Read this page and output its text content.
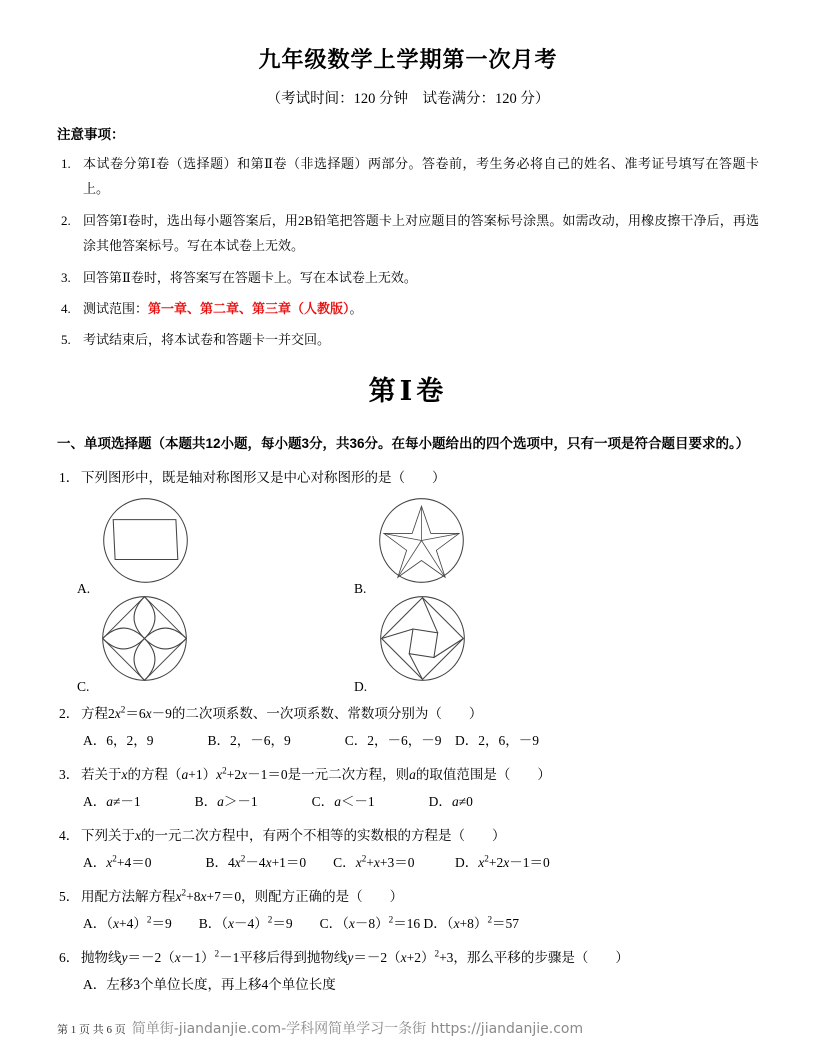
九年级数学上学期第一次月考

（考试时间：120 分钟　试卷满分：120 分）

注意事项：

1. 本试卷分第Ⅰ卷（选择题）和第Ⅱ卷（非选择题）两部分。答卷前，考生务必将自己的姓名、准考证号填写在答题卡上。
2. 回答第Ⅰ卷时，选出每小题答案后，用2B铅笔把答题卡上对应题目的答案标号涂黑。如需改动，用橡皮擦干净后，再选涂其他答案标号。写在本试卷上无效。
3. 回答第Ⅱ卷时，将答案写在答题卡上。写在本试卷上无效。
4. 测试范围：第一章、第二章、第三章（人教版）。
5. 考试结束后，将本试卷和答题卡一并交回。
第Ⅰ卷

一、单项选择题（本题共12小题，每小题3分，共36分。在每小题给出的四个选项中，只有一项是符合题目要求的。）

1． 下列图形中，既是轴对称图形又是中心对称图形的是（　　）
A.	B.
C.	D.
2． 方程$2x^2=6x-9$的二次项系数、一次项系数、常数项分别为（　　）
A．6，2，9　　　　B．2，－6，9　　　　C．2，－6，－9　D．2，6，－9
3． 若关于x的方程$(a+1)x^2+2x-1=0$是一元二次方程，则a的取值范围是（　　）
A．a≠－1　　　　B．a＞－1　　　　C．a＜－1　　　　D．a≠0
4． 下列关于x的一元二次方程中，有两个不相等的实数根的方程是（　　）
A．$x^2+4=0$　　　　B．$4x^2-4x+1=0$　　C．$x^2+x+3=0$　　　D．$x^2+2x-1=0$
5． 用配方法解方程$x^2+8x+7=0$，则配方正确的是（　　）
A．$(x+4)^2=9$　　B．$(x-4)^2=9$　　C．$(x-8)^2=16$ D．$(x+8)^2=57$
6． 抛物线$y=-2(x-1)^2-1$平移后得到抛物线$y=-2(x+2)^2+3$，那么平移的步骤是（　　）
A．左移3个单位长度，再上移4个单位长度
第 1 页 共 6 页 简单街-jiandanjie.com-学科网简单学习一条街 https://jiandanjie.com
